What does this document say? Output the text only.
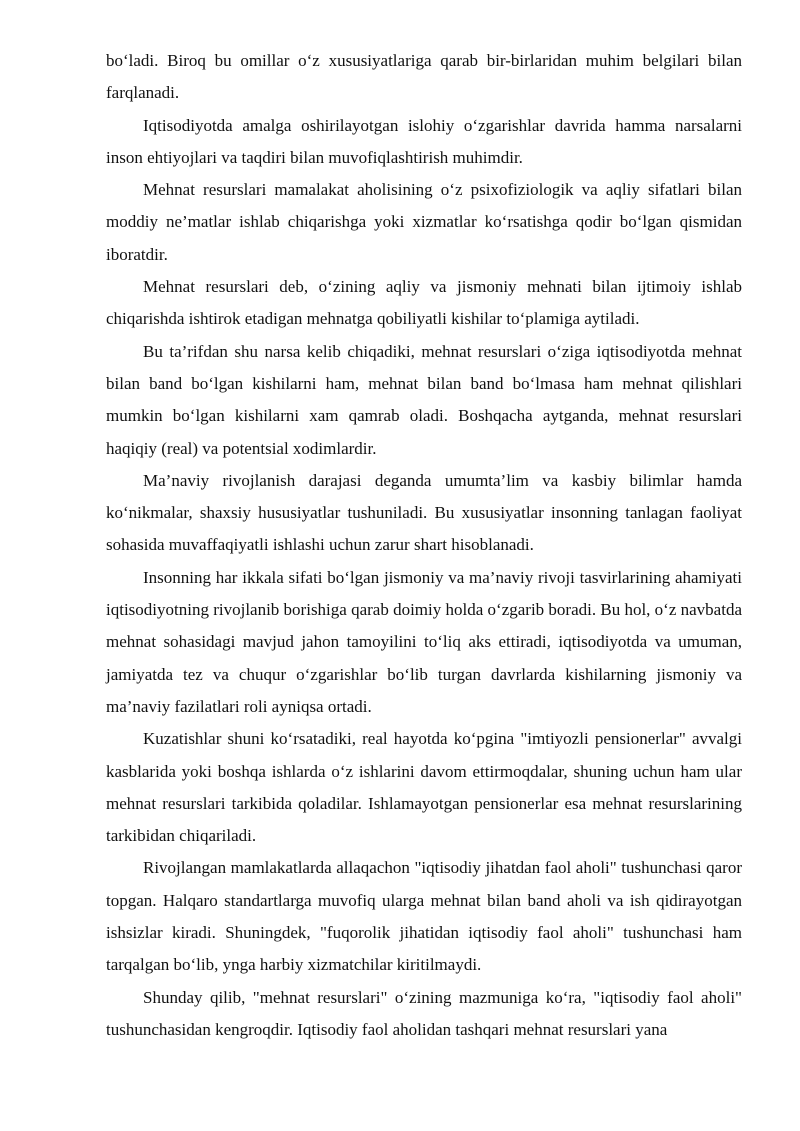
bo‘ladi. Biroq bu omillar o‘z xususiyatlariga qarab bir-birlaridan muhim belgilari bilan farqlanadi.

Iqtisodiyotda amalga oshirilayotgan islohiy o‘zgarishlar davrida hamma narsalarni inson ehtiyojlari va taqdiri bilan muvofiqlashtirish muhimdir.

Mehnat resurslari mamalakat aholisining o‘z psixofiziologik va aqliy sifatlari bilan moddiy ne’matlar ishlab chiqarishga yoki xizmatlar ko‘rsatishga qodir bo‘lgan qismidan iboratdir.

Mehnat resurslari deb, o‘zining aqliy va jismoniy mehnati bilan ijtimoiy ishlab chiqarishda ishtirok etadigan mehnatga qobiliyatli kishilar to‘plamiga aytiladi.

Bu ta’rifdan shu narsa kelib chiqadiki, mehnat resurslari o‘ziga iqtisodiyotda mehnat bilan band bo‘lgan kishilarni ham, mehnat bilan band bo‘lmasa ham mehnat qilishlari mumkin bo‘lgan kishilarni xam qamrab oladi. Boshqacha aytganda, mehnat resurslari haqiqiy (real) va potentsial xodimlardir.

Ma’naviy rivojlanish darajasi deganda umumta’lim va kasbiy bilimlar hamda ko‘nikmalar, shaxsiy hususiyatlar tushuniladi. Bu xususiyatlar insonning tanlagan faoliyat sohasida muvaffaqiyatli ishlashi uchun zarur shart hisoblanadi.

Insonning har ikkala sifati bo‘lgan jismoniy va ma’naviy rivoji tasvirlarining ahamiyati iqtisodiyotning rivojlanib borishiga qarab doimiy holda o‘zgarib boradi. Bu hol, o‘z navbatda mehnat sohasidagi mavjud jahon tamoyilini to‘liq aks ettiradi, iqtisodiyotda va umuman, jamiyatda tez va chuqur o‘zgarishlar bo‘lib turgan davrlarda kishilarning jismoniy va ma’naviy fazilatlari roli ayniqsa ortadi.

Kuzatishlar shuni ko‘rsatadiki, real hayotda ko‘pgina "imtiyozli pensionerlar" avvalgi kasblarida yoki boshqa ishlarda o‘z ishlarini davom ettirmoqdalar, shuning uchun ham ular mehnat resurslari tarkibida qoladilar. Ishlamayotgan pensionerlar esa mehnat resurslarining tarkibidan chiqariladi.

Rivojlangan mamlakatlarda allaqachon "iqtisodiy jihatdan faol aholi" tushunchasi qaror topgan. Halqaro standartlarga muvofiq ularga mehnat bilan band aholi va ish qidirayotgan ishsizlar kiradi. Shuningdek, "fuqorolik jihatidan iqtisodiy faol aholi" tushunchasi ham tarqalgan bo‘lib, ynga harbiy xizmatchilar kiritilmaydi.

Shunday qilib, "mehnat resurslari" o‘zining mazmuniga ko‘ra, "iqtisodiy faol aholi" tushunchasidan kengroqdir. Iqtisodiy faol aholidan tashqari mehnat resurslari yana
